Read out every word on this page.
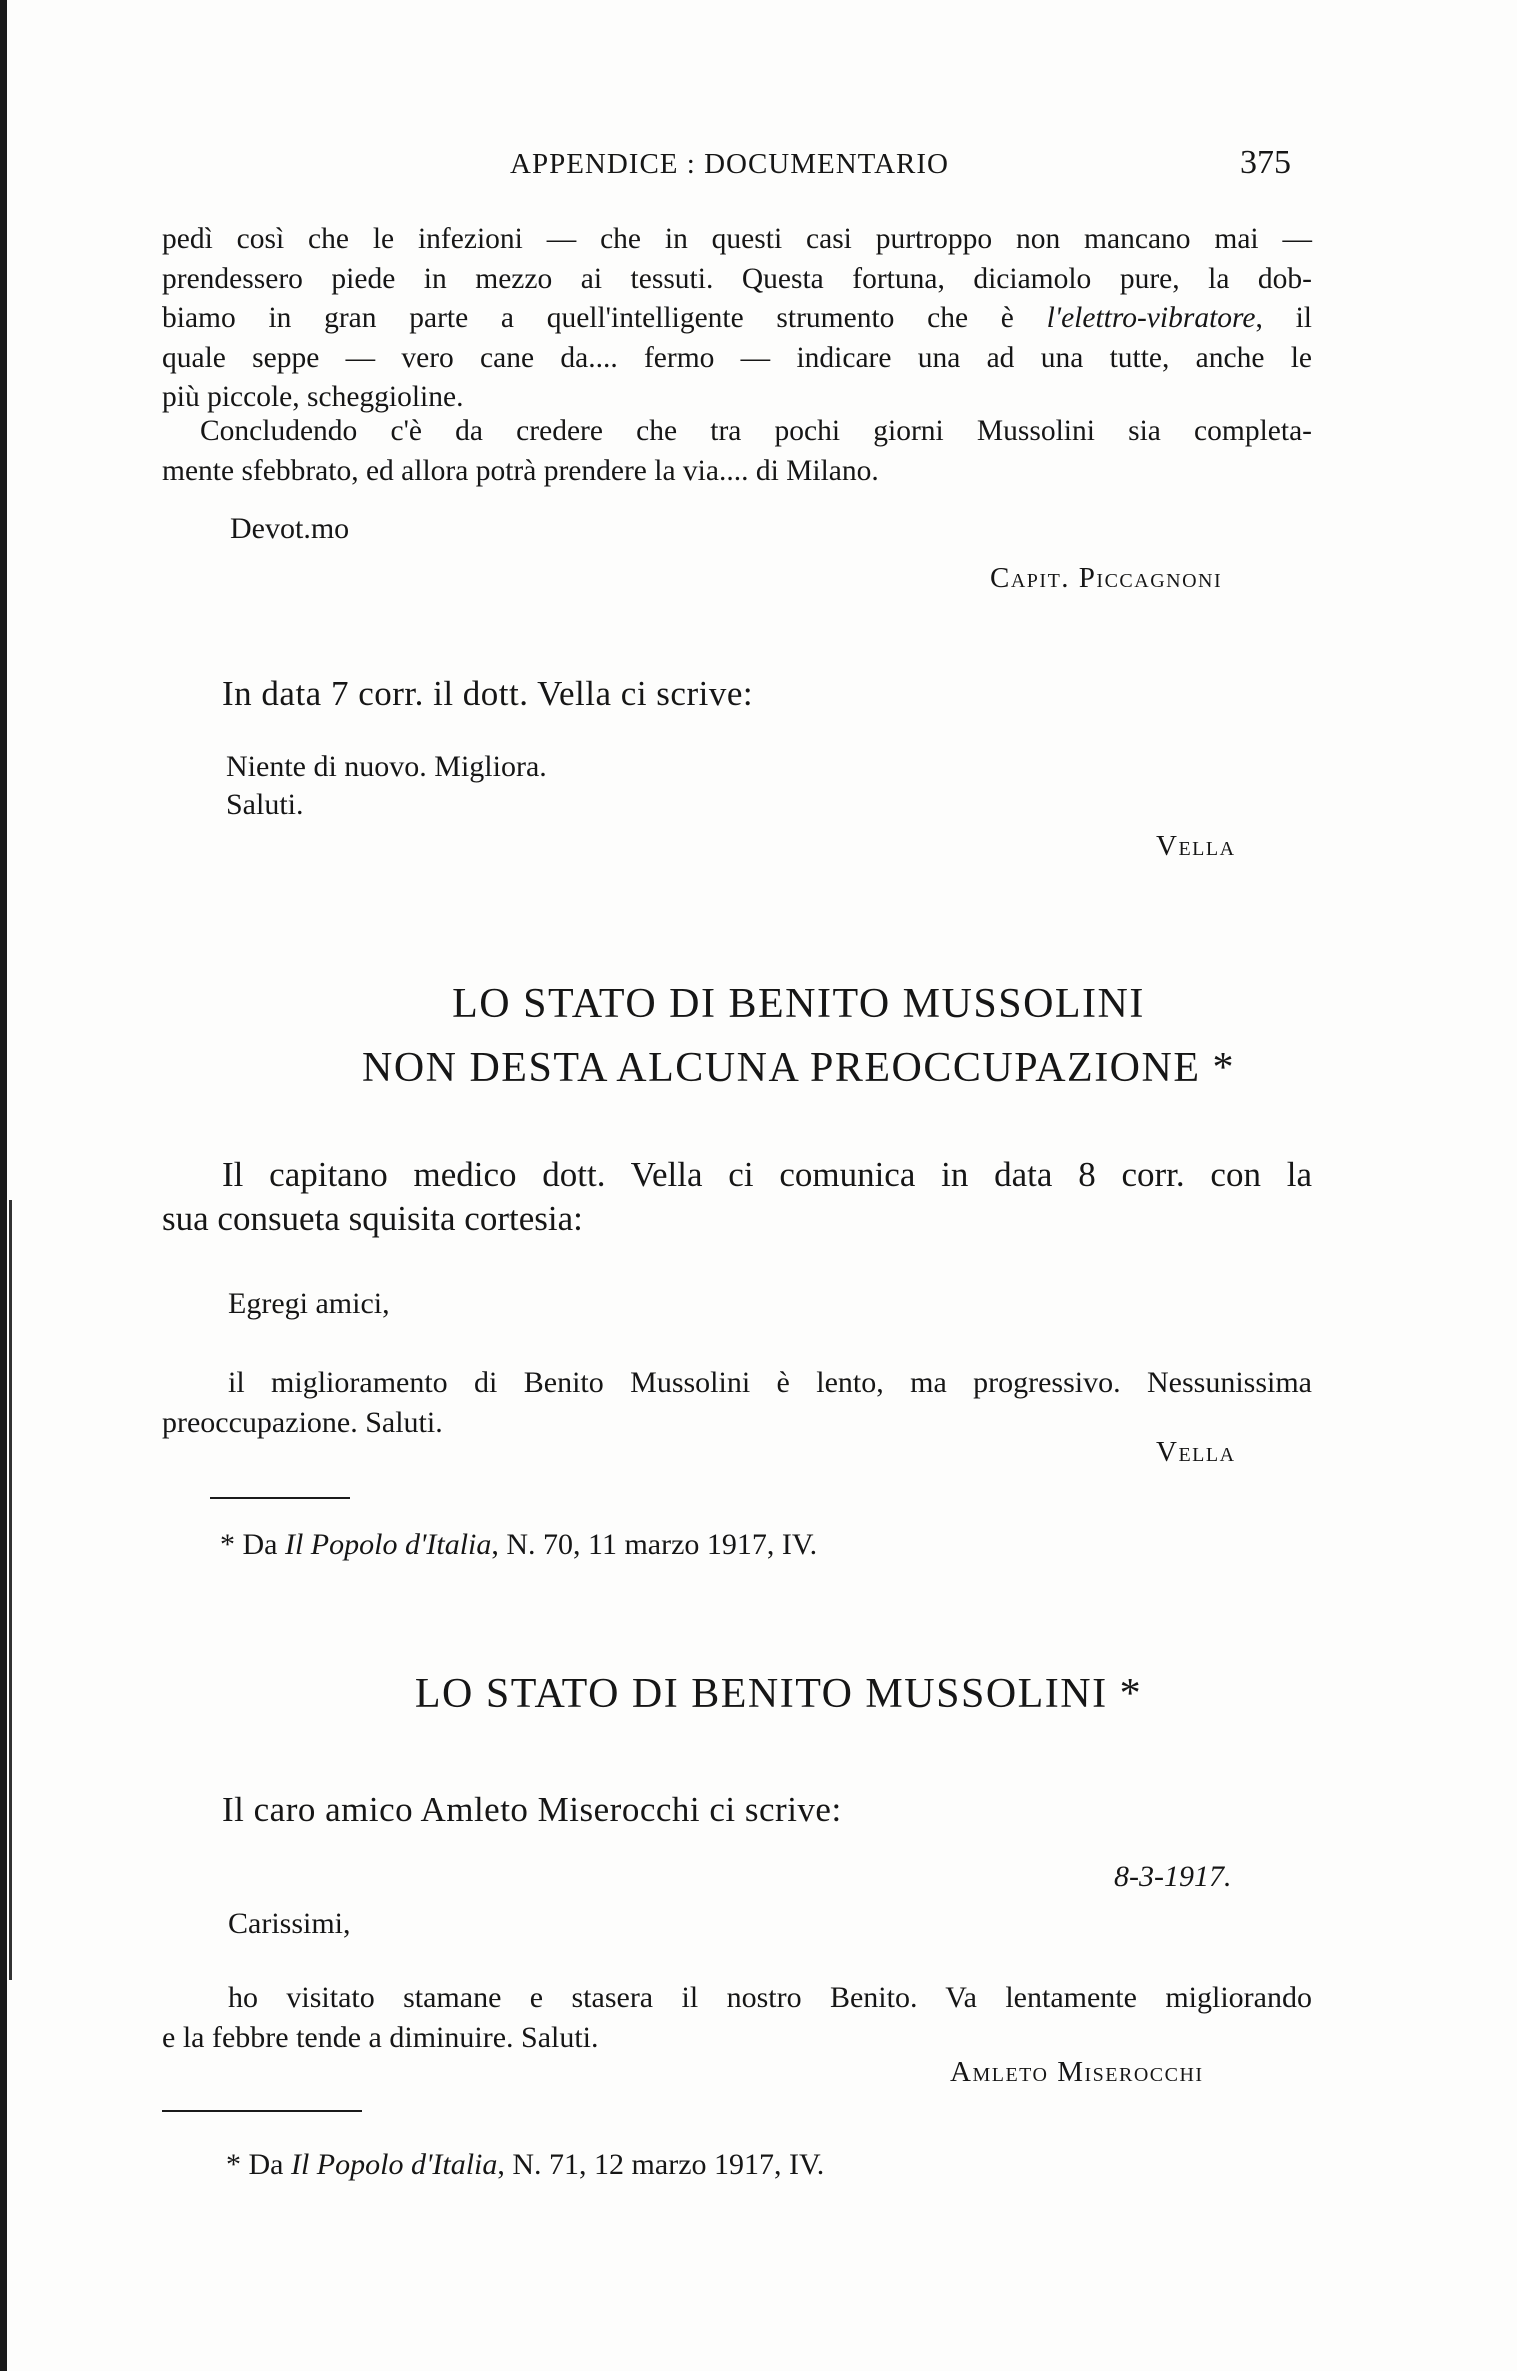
APPENDICE : DOCUMENTARIO	375
pedì così che le infezioni — che in questi casi purtroppo non mancano mai —
prendessero piede in mezzo ai tessuti. Questa fortuna, diciamolo pure, la dob-
biamo in gran parte a quell'intelligente strumento che è l'elettro-vibratore, il
quale seppe — vero cane da.... fermo — indicare una ad una tutte, anche le
più piccole, scheggioline.
Concludendo c'è da credere che tra pochi giorni Mussolini sia completa-
mente sfebbrato, ed allora potrà prendere la via.... di Milano.
Devot.mo
Capit. Piccagnoni
In data 7 corr. il dott. Vella ci scrive:
Niente di nuovo. Migliora.
Saluti.
Vella
LO STATO DI BENITO MUSSOLINI
NON DESTA ALCUNA PREOCCUPAZIONE *
Il capitano medico dott. Vella ci comunica in data 8 corr. con la
sua consueta squisita cortesia:
Egregi amici,
il miglioramento di Benito Mussolini è lento, ma progressivo. Nessunissima
preoccupazione. Saluti.
Vella
* Da Il Popolo d'Italia, N. 70, 11 marzo 1917, IV.
LO STATO DI BENITO MUSSOLINI *
Il caro amico Amleto Miserocchi ci scrive:
8-3-1917.
Carissimi,
ho visitato stamane e stasera il nostro Benito. Va lentamente migliorando
e la febbre tende a diminuire. Saluti.
Amleto Miserocchi
* Da Il Popolo d'Italia, N. 71, 12 marzo 1917, IV.
